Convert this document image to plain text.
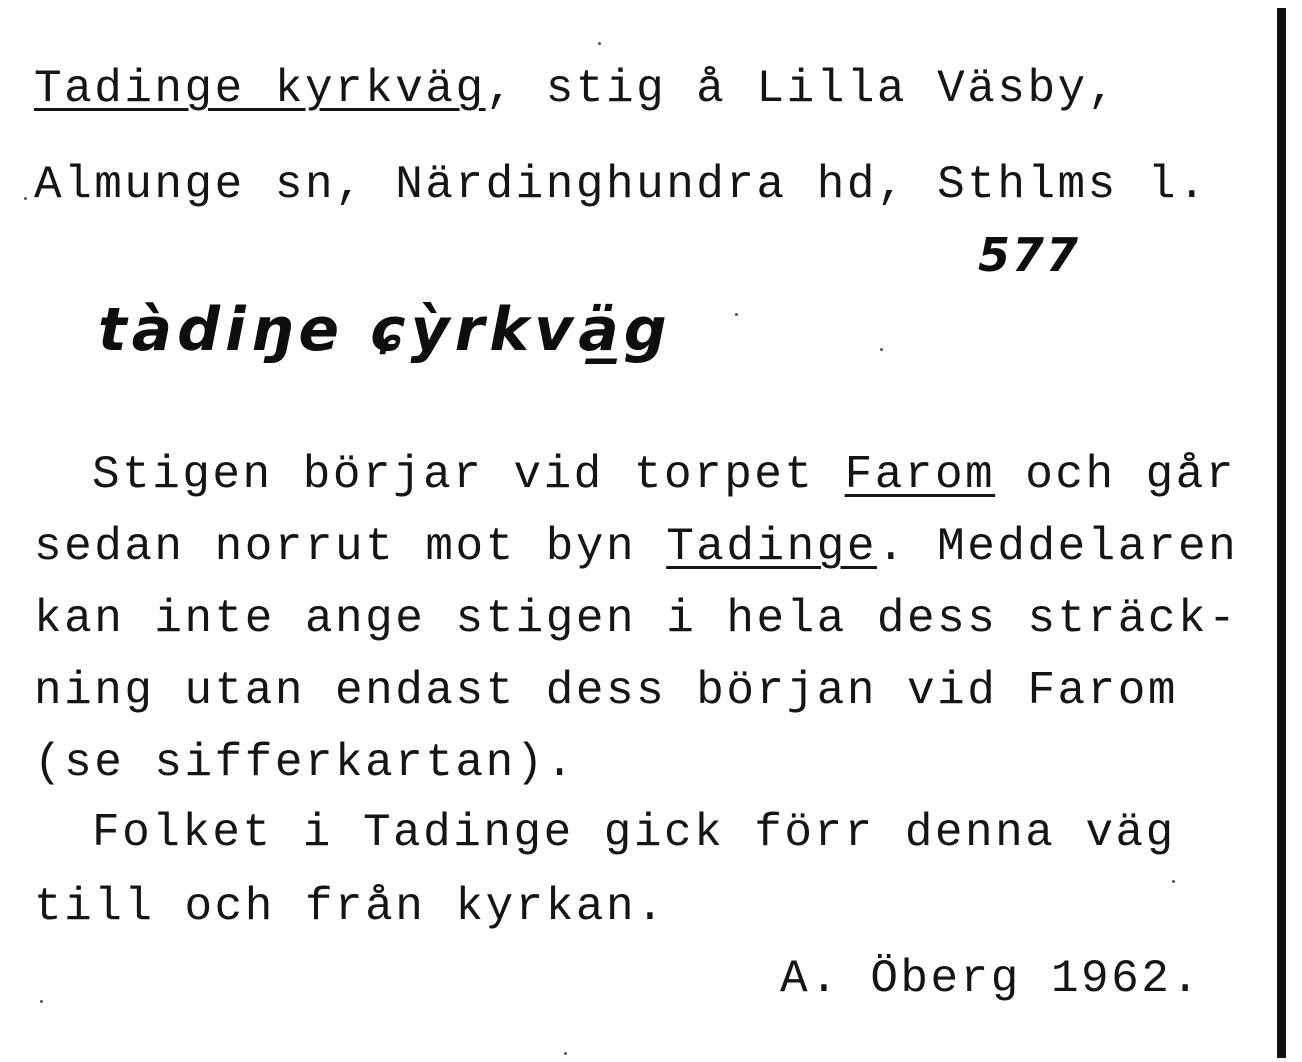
Tadinge kyrkväg, stig å Lilla Väsby,
Almunge sn, Närdinghundra hd, Sthlms l.
577
tàdiŋe ɕỳrkvä̲g
Stigen börjar vid torpet Farom och går
sedan norrut mot byn Tadinge. Meddelaren
kan inte ange stigen i hela dess sträck-
ning utan endast dess början vid Farom
(se sifferkartan).
Folket i Tadinge gick förr denna väg
till och från kyrkan.
A. Öberg 1962.
